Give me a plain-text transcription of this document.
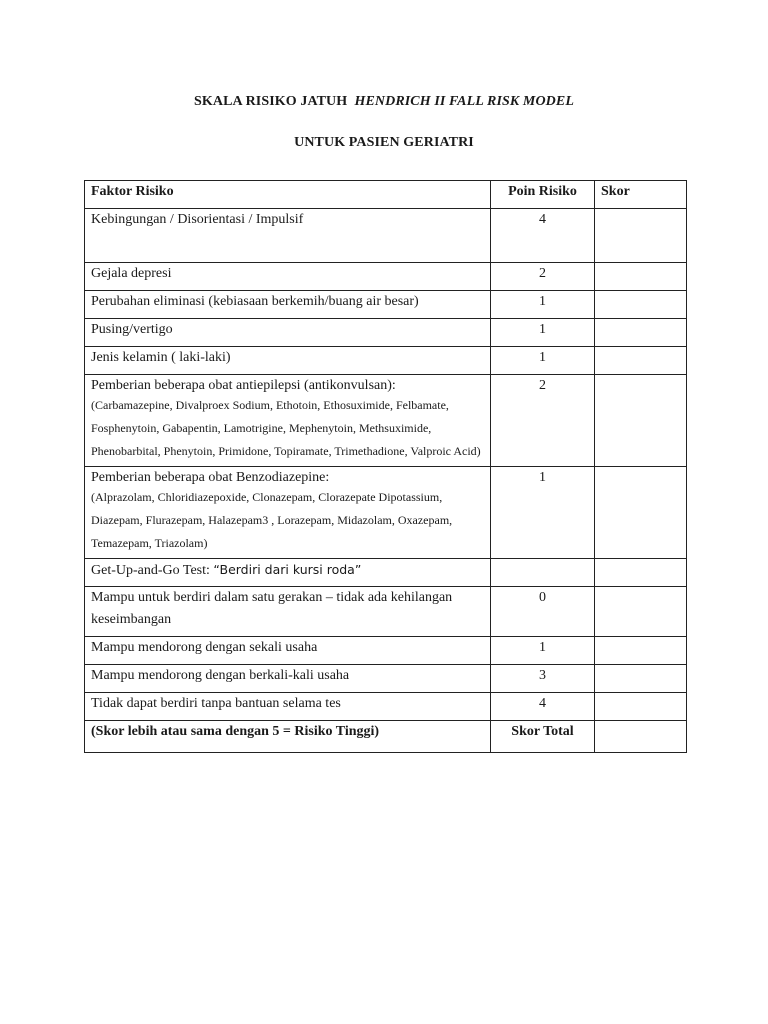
SKALA RISIKO JATUH HENDRICH II FALL RISK MODEL
UNTUK PASIEN GERIATRI
Faktor Risiko	Poin Risiko	Skor
Kebingungan / Disorientasi / Impulsif	4	
Gejala depresi	2	
Perubahan eliminasi (kebiasaan berkemih/buang air besar)	1	
Pusing/vertigo	1	
Jenis kelamin ( laki-laki)	1	
Pemberian beberapa obat antiepilepsi (antikonvulsan):
(Carbamazepine, Divalproex Sodium, Ethotoin, Ethosuximide, Felbamate, Fosphenytoin, Gabapentin, Lamotrigine, Mephenytoin, Methsuximide, Phenobarbital, Phenytoin, Primidone, Topiramate, Trimethadione, Valproic Acid)	2	
Pemberian beberapa obat Benzodiazepine:
(Alprazolam, Chloridiazepoxide, Clonazepam, Clorazepate Dipotassium, Diazepam, Flurazepam, Halazepam3 , Lorazepam, Midazolam, Oxazepam, Temazepam, Triazolam)	1	
Get-Up-and-Go Test: “Berdiri dari kursi roda”		
Mampu untuk berdiri dalam satu gerakan – tidak ada kehilangan
keseimbangan	0	
Mampu mendorong dengan sekali usaha	1	
Mampu mendorong dengan berkali-kali usaha	3	
Tidak dapat berdiri tanpa bantuan selama tes	4	
(Skor lebih atau sama dengan 5 = Risiko Tinggi)	Skor Total	
